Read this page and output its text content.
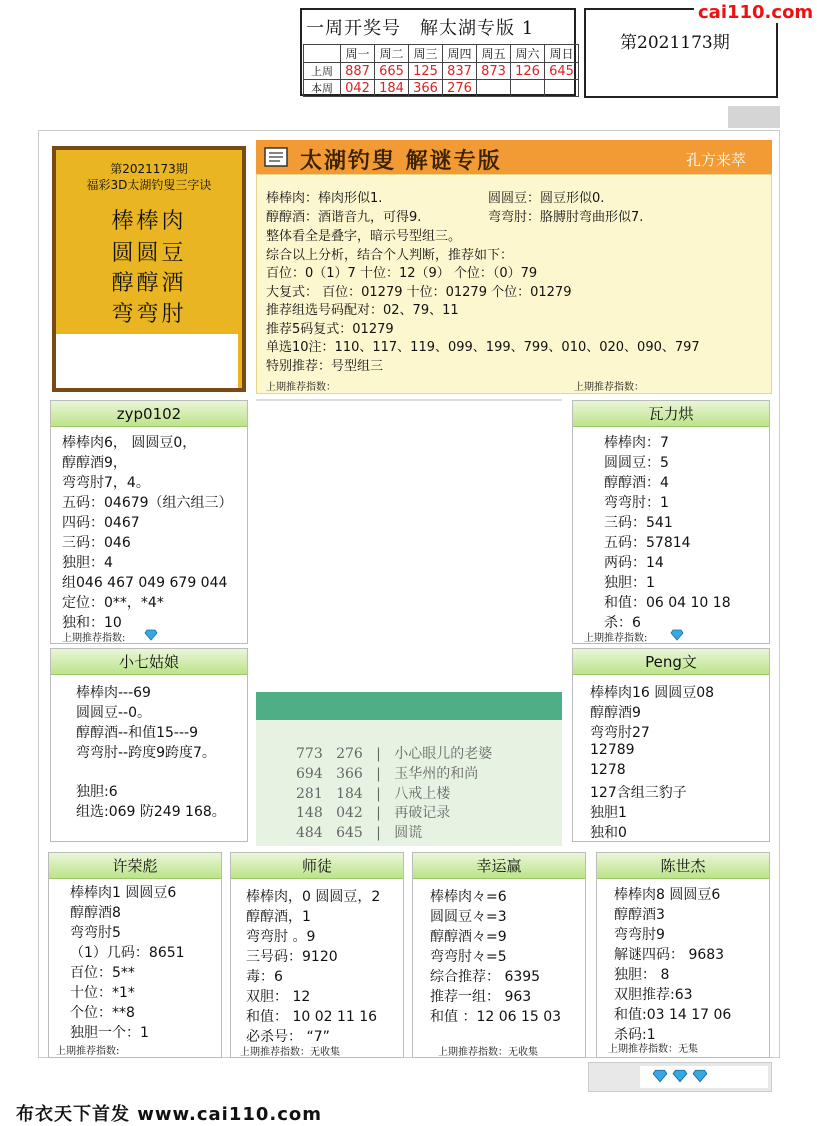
一周开奖号　解太湖专版 1
	周一	周二	周三	周四	周五	周六	周日
上周	887	665	125	837	873	126	645
本周	042	184	366	276			
第2021173期
cai110.com
第2021173期
福彩3D太湖钓叟三字诀
棒棒肉
圆圆豆
醇醇酒
弯弯肘
太湖钓叟 解谜专版	孔方来萃
棒棒肉：棒肉形似1.	圆圆豆：圆豆形似0.
醇醇酒：酒谐音九，可得9.	弯弯肘：胳膊肘弯曲形似7.
整体看全是叠字，暗示号型组三。
综合以上分析，结合个人判断，推荐如下：
百位：0（1）7 十位：12（9） 个位：（0）79
大复式： 百位：01279 十位：01279 个位：01279
推荐组选号码配对：02、79、11
推荐5码复式：01279
单选10注：110、117、119、099、199、799、010、020、090、797
特别推荐：号型组三
上期推荐指数：	上期推荐指数：
zyp0102
棒棒肉6， 圆圆豆0，
醇醇酒9，
弯弯肘7，4。
五码：04679（组六组三）
四码：0467
三码：046
独胆：4
组046 467 049 679 044
定位：0**，*4*
独和：10
上期推荐指数:
瓦力烘
棒棒肉：7
圆圆豆：5
醇醇酒：4
弯弯肘：1
三码：541
五码：57814
两码：14
独胆：1
和值：06 04 10 18
杀：6
上期推荐指数:
小七姑娘
棒棒肉---69
圆圆豆--0。
醇醇酒--和值15---9
弯弯肘--跨度9跨度7。
独胆:6
组选:069 防249 168。
Peng文
棒棒肉16 圆圆豆08
醇醇酒9
弯弯肘27
12789
1278
127含组三豹子
独胆1
独和0
773 276   |   小心眼儿的老婆
694 366   |   玉华州的和尚
281 184   |   八戒上楼
148 042   |   再破记录
484 645   |   圆谎
许荣彪
棒棒肉1 圆圆豆6
醇醇酒8
弯弯肘5
（1）几码：8651
百位：5**
十位：*1*
个位：**8
独胆一个：1
上期推荐指数:
师徒
棒棒肉，0 圆圆豆，2
醇醇酒，1
弯弯肘 。9
三号码：9120
毒：6
双胆： 12
和值： 10 02 11 16
必杀号： “7”
上期推荐指数：无收集
幸运赢
棒棒肉々=6
圆圆豆々=3
醇醇酒々=9
弯弯肘々=5
综合推荐： 6395
推荐一组： 963
和值 ：12 06 15 03
上期推荐指数：无收集
陈世杰
棒棒肉8 圆圆豆6
醇醇酒3
弯弯肘9
解谜四码： 9683
独胆： 8
双胆推荐:63
和值:03 14 17 06
杀码:1
上期推荐指数：无集
布衣天下首发 www.cai110.com
